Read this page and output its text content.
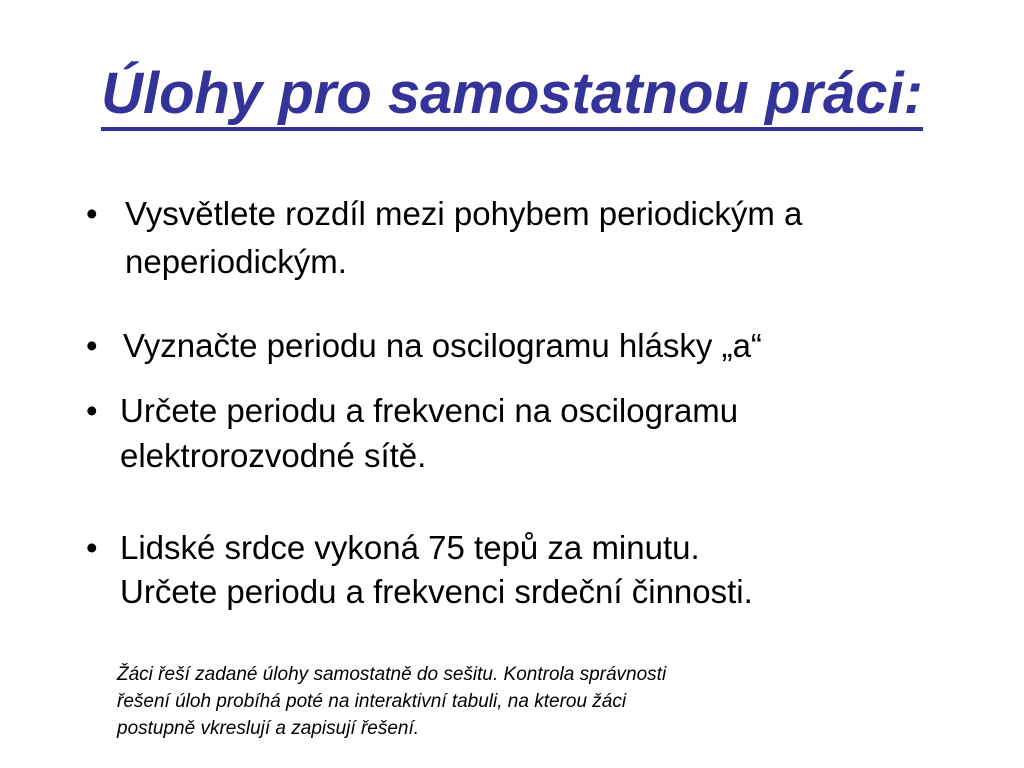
Úlohy pro samostatnou práci:
• Vysvětlete rozdíl mezi pohybem periodickým a
neperiodickým.
• Vyznačte periodu na oscilogramu hlásky „a“
• Určete periodu a frekvenci na oscilogramu
elektrorozvodné sítě.
• Lidské srdce vykoná 75 tepů za minutu.
Určete periodu a frekvenci srdeční činnosti.
Žáci řeší zadané úlohy samostatně do sešitu. Kontrola správnosti
řešení úloh probíhá poté na interaktivní tabuli, na kterou žáci
postupně vkreslují a zapisují řešení.
